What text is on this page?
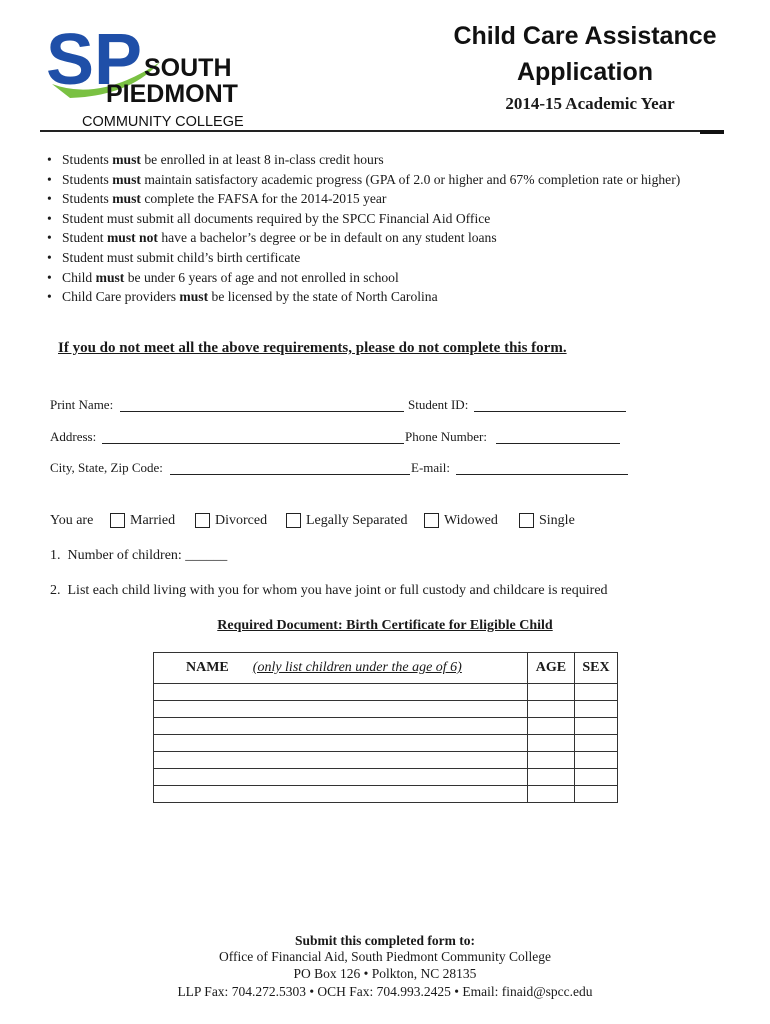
SP SOUTH
PIEDMONT
COMMUNITY COLLEGE
Child Care Assistance
Application
2014-15 Academic Year
• Students must be enrolled in at least 8 in-class credit hours
• Students must maintain satisfactory academic progress (GPA of 2.0 or higher and 67% completion rate or higher)
• Students must complete the FAFSA for the 2014-2015 year
• Student must submit all documents required by the SPCC Financial Aid Office
• Student must not have a bachelor’s degree or be in default on any student loans
• Student must submit child’s birth certificate
• Child must be under 6 years of age and not enrolled in school
• Child Care providers must be licensed by the state of North Carolina
If you do not meet all the above requirements, please do not complete this form.
Print Name:	Student ID:
Address:	Phone Number:
City, State, Zip Code:	E-mail:
You are	Married	Divorced	Legally Separated	Widowed	Single
1.  Number of children: ______
2.  List each child living with you for whom you have joint or full custody and childcare is required
Required Document: Birth Certificate for Eligible Child
NAME (only list children under the age of 6)	AGE	SEX

Submit this completed form to:
Office of Financial Aid, South Piedmont Community College
PO Box 126 • Polkton, NC 28135
LLP Fax: 704.272.5303 • OCH Fax: 704.993.2425 • Email: finaid@spcc.edu
